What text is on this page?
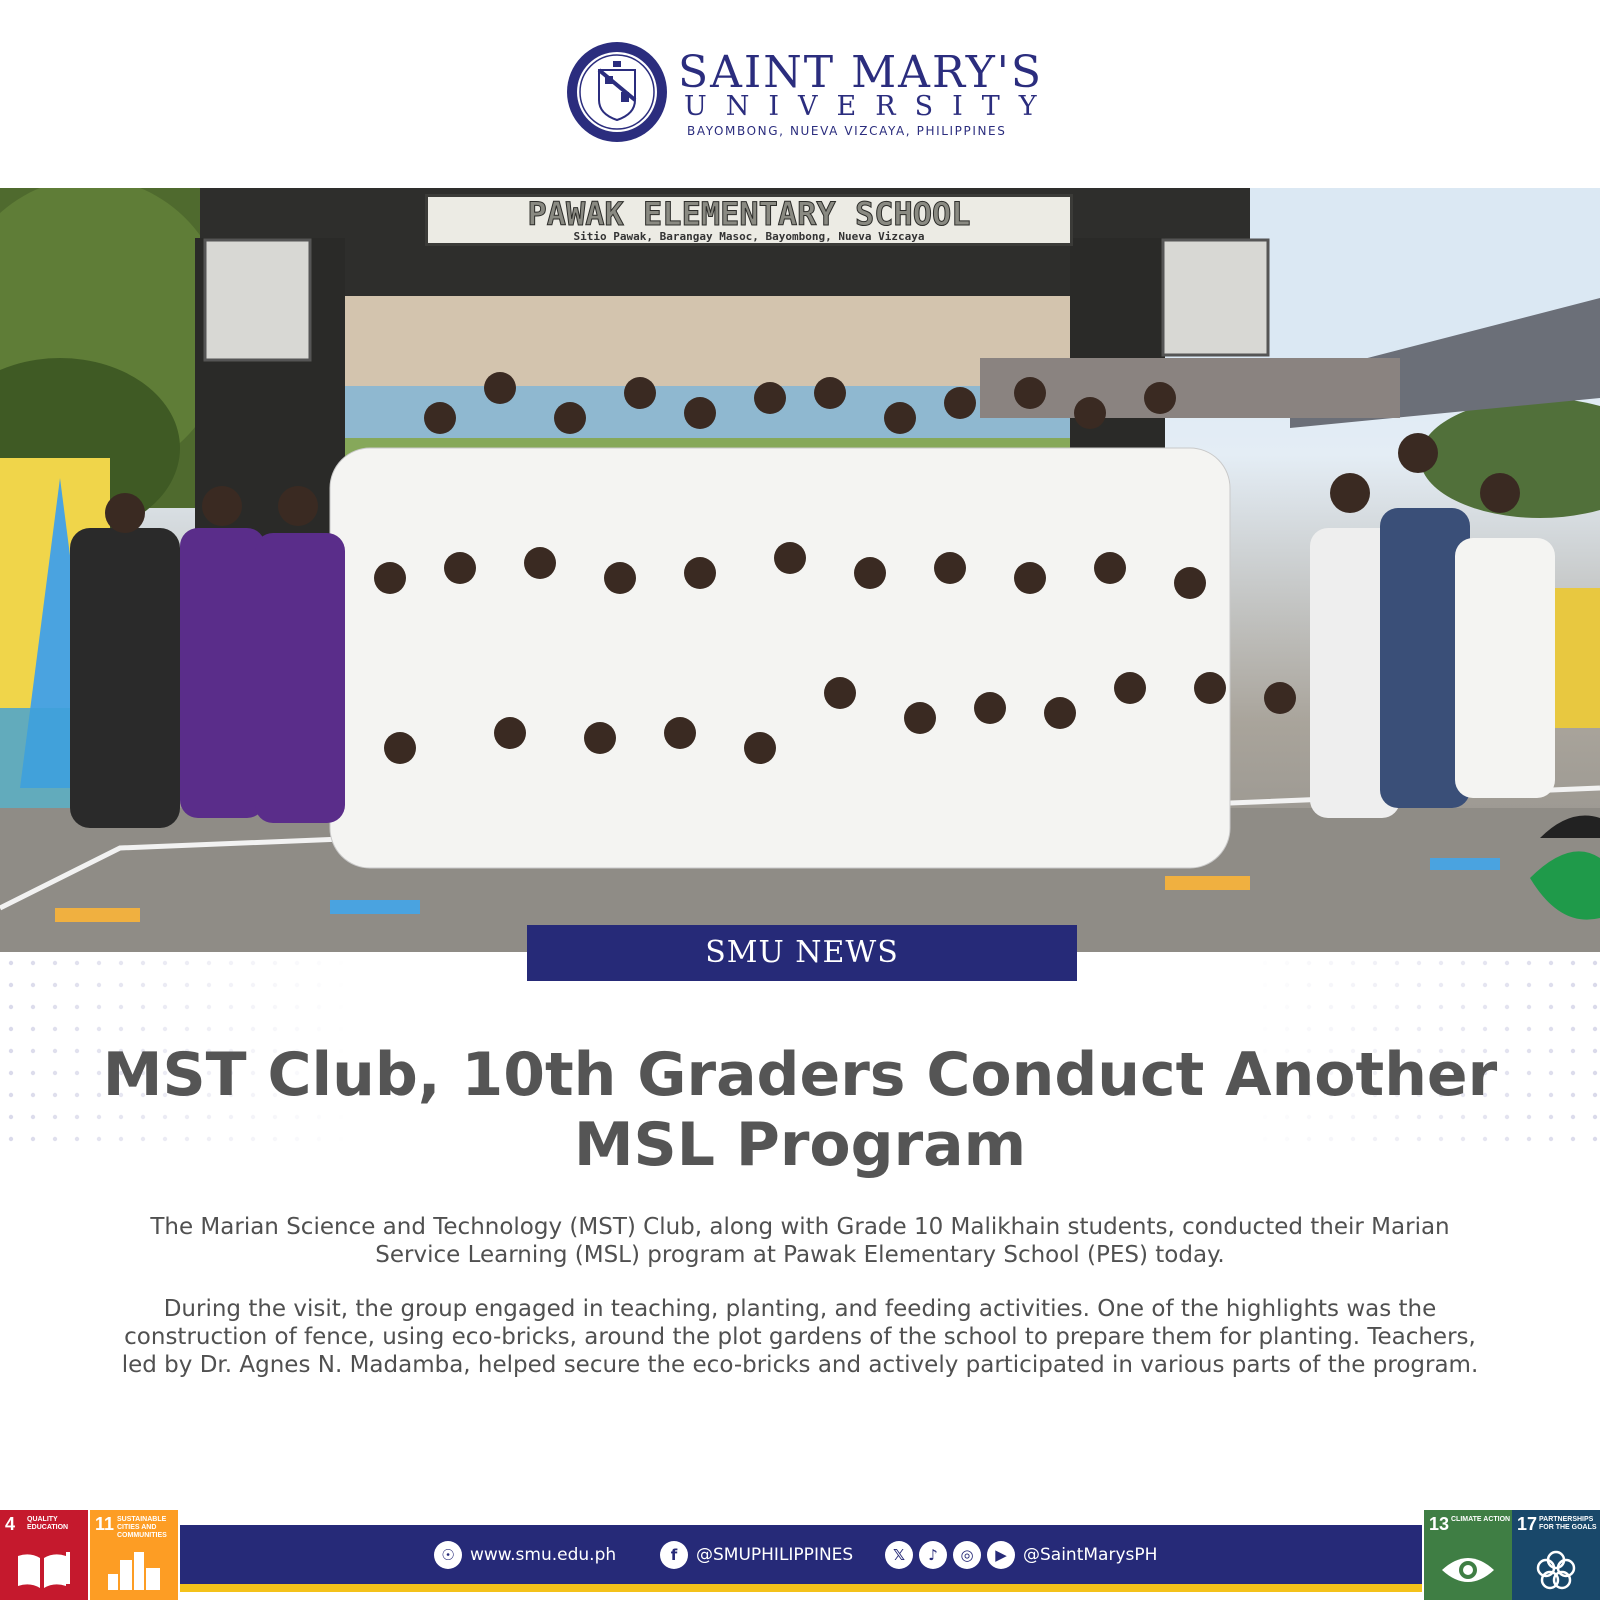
SAINT MARY'S
UNIVERSITY
BAYOMBONG, NUEVA VIZCAYA, PHILIPPINES
PAWAK ELEMENTARY SCHOOL
Sitio Pawak, Barangay Masoc, Bayombong, Nueva Vizcaya
SMU NEWS
MST Club, 10th Graders Conduct Another
MSL Program

The Marian Science and Technology (MST) Club, along with Grade 10 Malikhain students, conducted their Marian Service Learning (MSL) program at Pawak Elementary School (PES) today.

During the visit, the group engaged in teaching, planting, and feeding activities. One of the highlights was the construction of fence, using eco-bricks, around the plot gardens of the school to prepare them for planting. Teachers, led by Dr. Agnes N. Madamba, helped secure the eco-bricks and actively participated in various parts of the program.

4 QUALITY EDUCATION	11 SUSTAINABLE CITIES AND COMMUNITIES
☉ www.smu.edu.ph	f	@SMUPHILIPPINES	𝕏	♪	◎	▶ @SaintMarysPH
13 CLIMATE ACTION 17 PARTNERSHIPS FOR THE GOALS
